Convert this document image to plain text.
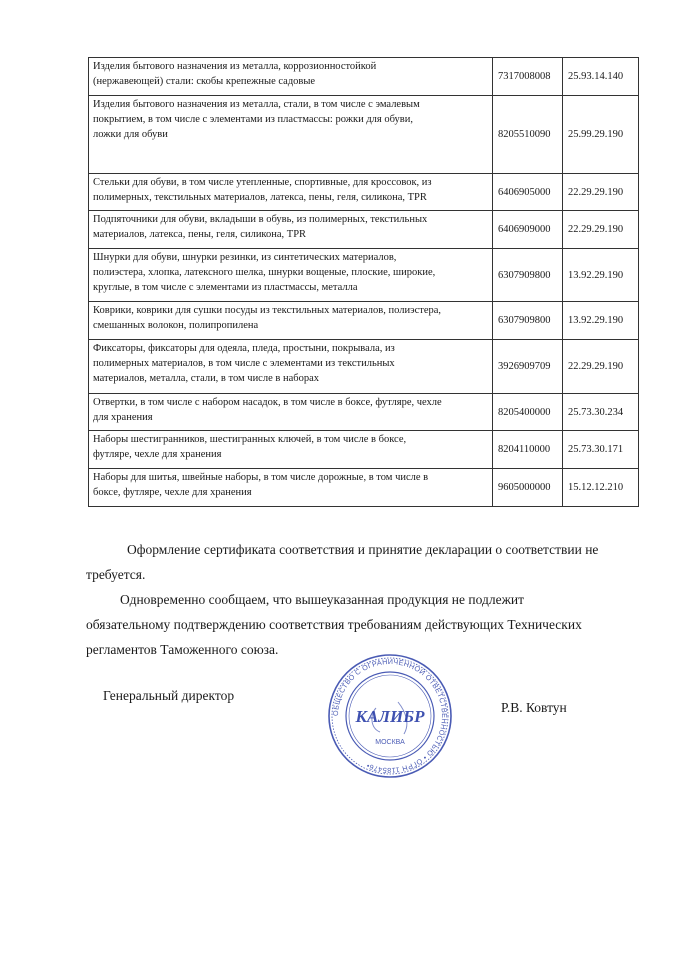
Изделия бытового назначения из металла, коррозионностойкой
(нержавеющей) стали: скобы крепежные садовые	7317008008	25.93.14.140

Изделия бытового назначения из металла, стали, в том числе с эмалевым
покрытием, в том числе с элементами из пластмассы: рожки для обуви,
ложки для обуви	8205510090	25.99.29.190

Стельки для обуви, в том числе утепленные, спортивные, для кроссовок, из
полимерных, текстильных материалов, латекса, пены, геля, силикона, TPR	6406905000	22.29.29.190

Подпяточники для обуви, вкладыши в обувь, из полимерных, текстильных
материалов, латекса, пены, геля, силикона, TPR	6406909000	22.29.29.190

Шнурки для обуви, шнурки резинки, из синтетических материалов,
полиэстера, хлопка, латексного шелка, шнурки вощеные, плоские, широкие,
круглые, в том числе с элементами из пластмассы, металла	6307909800	13.92.29.190

Коврики, коврики для сушки посуды из текстильных материалов, полиэстера,
смешанных волокон, полипропилена	6307909800	13.92.29.190

Фиксаторы, фиксаторы для одеяла, пледа, простыни, покрывала, из
полимерных материалов, в том числе с элементами из текстильных
материалов, металла, стали, в том числе в наборах	3926909709	22.29.29.190

Отвертки, в том числе с набором насадок, в том числе в боксе, футляре, чехле
для хранения	8205400000	25.73.30.234

Наборы шестигранников, шестигранных ключей, в том числе в боксе,
футляре, чехле для хранения	8204110000	25.73.30.171

Наборы для шитья, швейные наборы, в том числе дорожные, в том числе в
боксе, футляре, чехле для хранения	9605000000	15.12.12.210

Оформление сертификата соответствия и принятие декларации о соответствии не

требуется.

Одновременно сообщаем, что вышеуказанная продукция не подлежит

обязательному подтверждению соответствия требованиям действующих Технических

регламентов Таможенного союза.

Генеральный директор
Р.В. Ковтун
ОБЩЕСТВО С ОГРАНИЧЕННОЙ ОТВЕТСТВЕННОСТЬЮ • ОГРН 1185476•
КАЛИБР
МОСКВА
